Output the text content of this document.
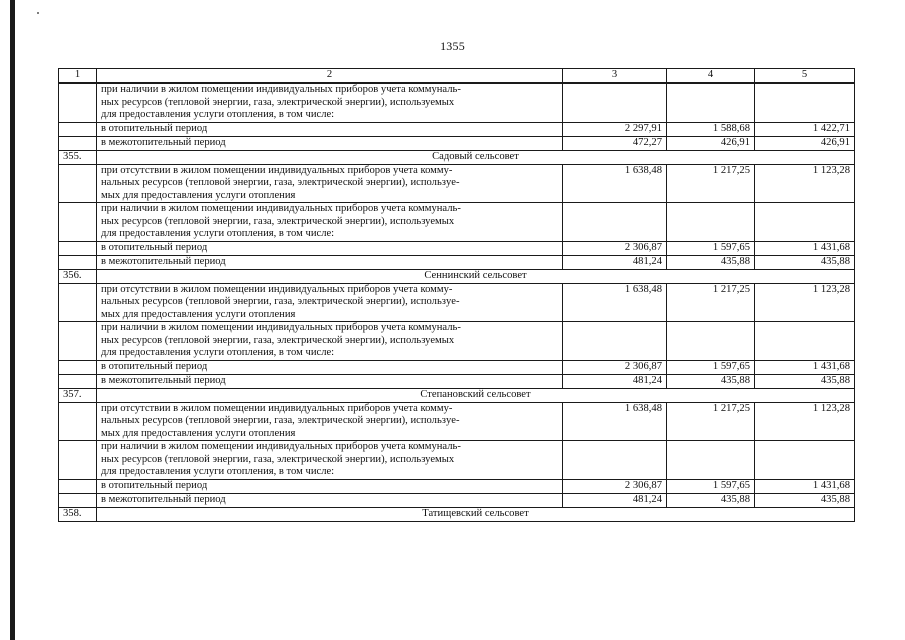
1355
1	2	3	4	5

	при наличии в жилом помещении индивидуальных приборов учета коммуналь-
ных ресурсов (тепловой энергии, газа, электрической энергии), используемых
для предоставления услуги отопления, в том числе:			

	в отопительный период	2 297,91	1 588,68	1 422,71

	в межотопительный период	472,27	426,91	426,91
355.	Садовый сельсовет			

	при отсутствии в жилом помещении индивидуальных приборов учета комму-
нальных ресурсов (тепловой энергии, газа, электрической энергии), использye-
мых для предоставления услуги отопления	1 638,48	1 217,25	1 123,28

	при наличии в жилом помещении индивидуальных приборов учета коммуналь-
ных ресурсов (тепловой энергии, газа, электрической энергии), используемых
для предоставления услуги отопления, в том числе:			

	в отопительный период	2 306,87	1 597,65	1 431,68

	в межотопительный период	481,24	435,88	435,88
356.	Сеннинский сельсовет			

	при отсутствии в жилом помещении индивидуальных приборов учета комму-
нальных ресурсов (тепловой энергии, газа, электрической энергии), использye-
мых для предоставления услуги отопления	1 638,48	1 217,25	1 123,28

	при наличии в жилом помещении индивидуальных приборов учета коммуналь-
ных ресурсов (тепловой энергии, газа, электрической энергии), используемых
для предоставления услуги отопления, в том числе:			

	в отопительный период	2 306,87	1 597,65	1 431,68

	в межотопительный период	481,24	435,88	435,88
357.	Степановский сельсовет			

	при отсутствии в жилом помещении индивидуальных приборов учета комму-
нальных ресурсов (тепловой энергии, газа, электрической энергии), использye-
мых для предоставления услуги отопления	1 638,48	1 217,25	1 123,28

	при наличии в жилом помещении индивидуальных приборов учета коммуналь-
ных ресурсов (тепловой энергии, газа, электрической энергии), используемых
для предоставления услуги отопления, в том числе:			

	в отопительный период	2 306,87	1 597,65	1 431,68

	в межотопительный период	481,24	435,88	435,88
358.	Татищевский сельсовет			
